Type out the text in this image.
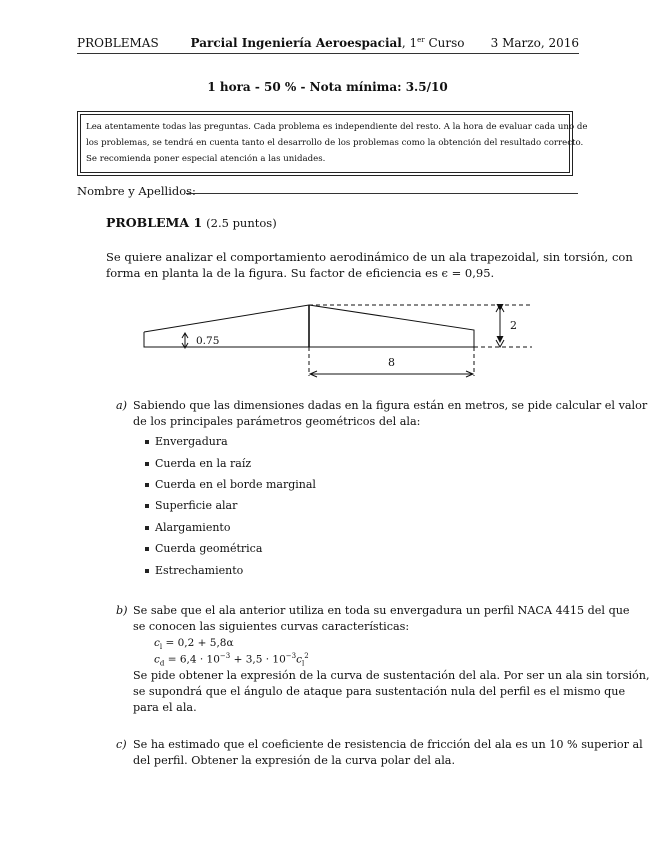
PROBLEMAS	Parcial Ingeniería Aeroespacial, 1er Curso	3 Marzo, 2016
1 hora - 50 % - Nota mínima: 3.5/10
Lea atentamente todas las preguntas. Cada problema es independiente del resto. A la hora de evaluar cada uno de
los problemas, se tendrá en cuenta tanto el desarrollo de los problemas como la obtención del resultado correcto.
Se recomienda poner especial atención a las unidades.
Nombre y Apellidos:
PROBLEMA 1 (2.5 puntos)
Se quiere analizar el comportamiento aerodinámico de un ala trapezoidal, sin torsión, con
forma en planta la de la figura. Su factor de eficiencia es ϵ = 0,95.
2
8
0.75
a) Sabiendo que las dimensiones dadas en la figura están en metros, se pide calcular el valor
de los principales parámetros geométricos del ala:
Envergadura
Cuerda en la raíz
Cuerda en el borde marginal
Superficie alar
Alargamiento
Cuerda geométrica
Estrechamiento
b) Se sabe que el ala anterior utiliza en toda su envergadura un perfil NACA 4415 del que
se conocen las siguientes curvas características:
$c_l = 0,2 + 5,8\alpha$
$c_d = 6,4 \cdot 10^{-3} + 3,5 \cdot 10^{-3}c_l^2$
Se pide obtener la expresión de la curva de sustentación del ala. Por ser un ala sin torsión,
se supondrá que el ángulo de ataque para sustentación nula del perfil es el mismo que
para el ala.
c) Se ha estimado que el coeficiente de resistencia de fricción del ala es un 10 % superior al
del perfil. Obtener la expresión de la curva polar del ala.
